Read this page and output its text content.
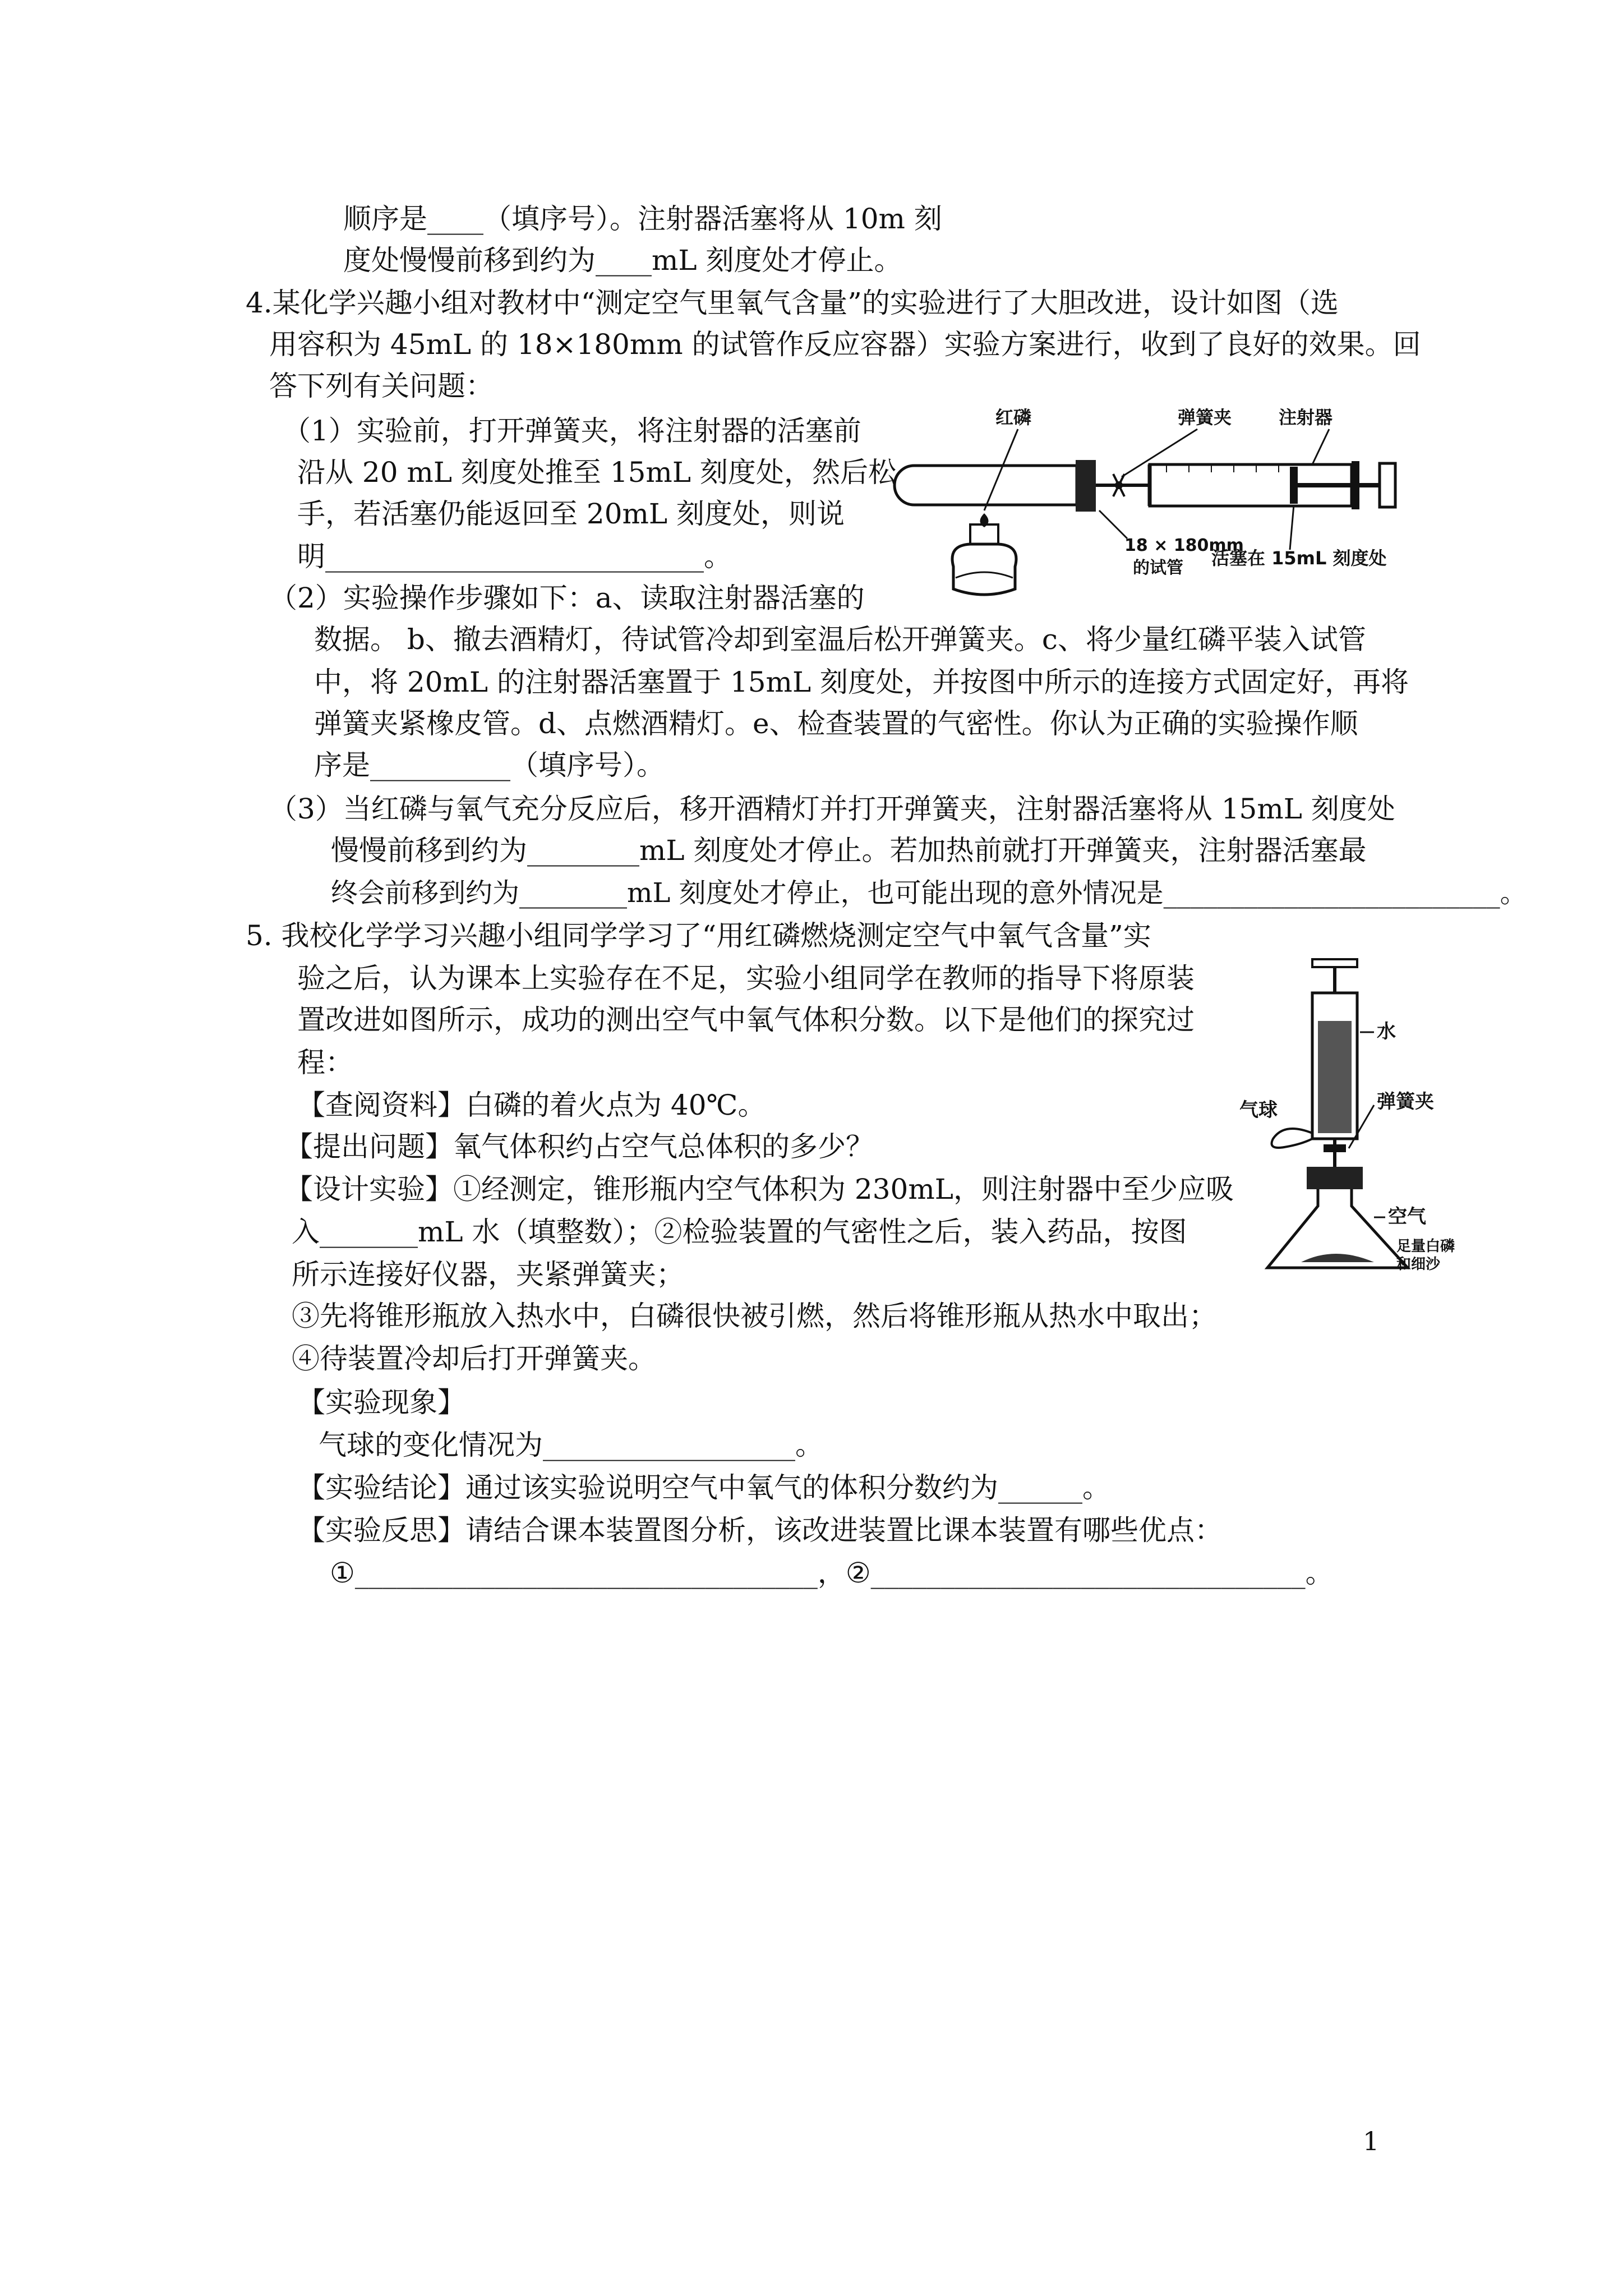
顺序是____（填序号）。注射器活塞将从 10m 刻
度处慢慢前移到约为____mL 刻度处才停止。
4.某化学兴趣小组对教材中“测定空气里氧气含量”的实验进行了大胆改进，设计如图（选
用容积为 45mL 的 18×180mm 的试管作反应容器）实验方案进行，收到了良好的效果。回
答下列有关问题：
（1）实验前，打开弹簧夹，将注射器的活塞前
沿从 20 mL 刻度处推至 15mL 刻度处，然后松
手，若活塞仍能返回至 20mL 刻度处，则说
明___________________________。
（2）实验操作步骤如下：a、读取注射器活塞的
数据。 b、撤去酒精灯，待试管冷却到室温后松开弹簧夹。c、将少量红磷平装入试管
中，将 20mL 的注射器活塞置于 15mL 刻度处，并按图中所示的连接方式固定好，再将
弹簧夹紧橡皮管。d、点燃酒精灯。e、检查装置的气密性。你认为正确的实验操作顺
序是__________（填序号）。
（3）当红磷与氧气充分反应后，移开酒精灯并打开弹簧夹，注射器活塞将从 15mL 刻度处
慢慢前移到约为________mL 刻度处才停止。若加热前就打开弹簧夹，注射器活塞最
终会前移到约为________mL 刻度处才停止，也可能出现的意外情况是_________________________。
5. 我校化学学习兴趣小组同学学习了“用红磷燃烧测定空气中氧气含量”实
验之后，认为课本上实验存在不足，实验小组同学在教师的指导下将原装
置改进如图所示，成功的测出空气中氧气体积分数。以下是他们的探究过
程：
【查阅资料】白磷的着火点为 40℃。
【提出问题】氧气体积约占空气总体积的多少？
【设计实验】①经测定，锥形瓶内空气体积为 230mL，则注射器中至少应吸
入_______mL 水（填整数）；②检验装置的气密性之后，装入药品，按图
所示连接好仪器，夹紧弹簧夹；
③先将锥形瓶放入热水中，白磷很快被引燃，然后将锥形瓶从热水中取出；
④待装置冷却后打开弹簧夹。
【实验现象】
气球的变化情况为__________________。
【实验结论】通过该实验说明空气中氧气的体积分数约为______。
【实验反思】请结合课本装置图分析，该改进装置比课本装置有哪些优点：
①_________________________________，②_______________________________。
红磷	弹簧夹	注射器
18 × 180mm
的试管 活塞在 15mL 刻度处
气球
水
弹簧夹
空气
足量白磷
和细沙
1
